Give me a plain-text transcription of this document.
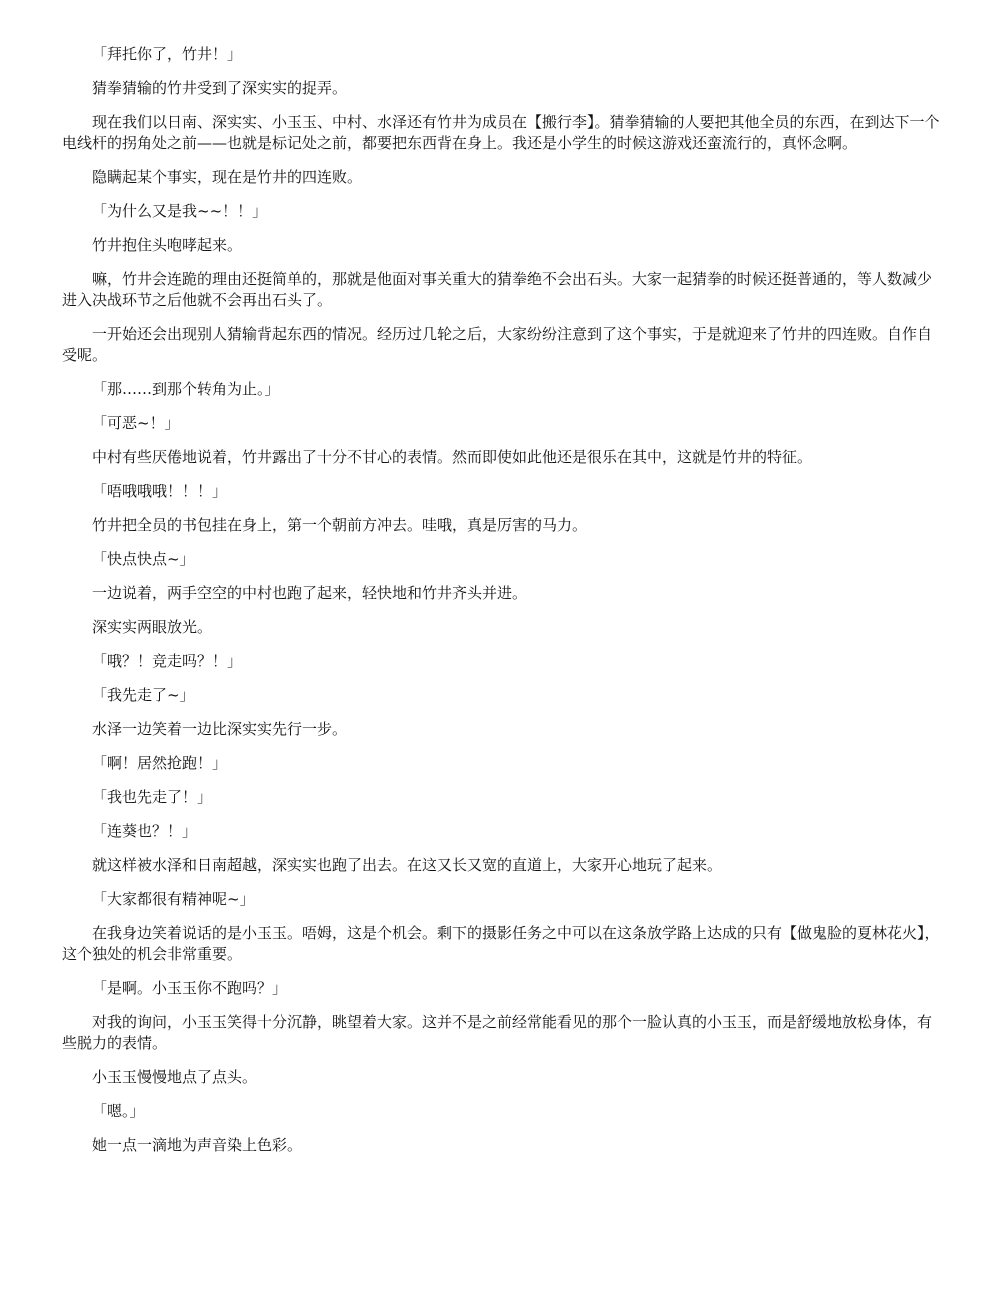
「拜托你了，竹井！」

猜拳猜输的竹井受到了深实实的捉弄。

现在我们以日南、深实实、小玉玉、中村、水泽还有竹井为成员在【搬行李】。猜拳猜输的人要把其他全员的东西，在到达下一个电线杆的拐角处之前——也就是标记处之前，都要把东西背在身上。我还是小学生的时候这游戏还蛮流行的，真怀念啊。

隐瞒起某个事实，现在是竹井的四连败。

「为什么又是我~~！！」

竹井抱住头咆哮起来。

嘛，竹井会连跪的理由还挺简单的，那就是他面对事关重大的猜拳绝不会出石头。大家一起猜拳的时候还挺普通的，等人数减少进入决战环节之后他就不会再出石头了。

一开始还会出现别人猜输背起东西的情况。经历过几轮之后，大家纷纷注意到了这个事实，于是就迎来了竹井的四连败。自作自受呢。

「那……到那个转角为止。」

「可恶~！」

中村有些厌倦地说着，竹井露出了十分不甘心的表情。然而即使如此他还是很乐在其中，这就是竹井的特征。

「唔哦哦哦！！！」

竹井把全员的书包挂在身上，第一个朝前方冲去。哇哦，真是厉害的马力。

「快点快点~」

一边说着，两手空空的中村也跑了起来，轻快地和竹井齐头并进。

深实实两眼放光。

「哦？！竞走吗？！」

「我先走了~」

水泽一边笑着一边比深实实先行一步。

「啊！居然抢跑！」

「我也先走了！」

「连葵也？！」

就这样被水泽和日南超越，深实实也跑了出去。在这又长又宽的直道上，大家开心地玩了起来。

「大家都很有精神呢~」

在我身边笑着说话的是小玉玉。唔姆，这是个机会。剩下的摄影任务之中可以在这条放学路上达成的只有【做鬼脸的夏林花火】，这个独处的机会非常重要。

「是啊。小玉玉你不跑吗？」

对我的询问，小玉玉笑得十分沉静，眺望着大家。这并不是之前经常能看见的那个一脸认真的小玉玉，而是舒缓地放松身体，有些脱力的表情。

小玉玉慢慢地点了点头。

「嗯。」

她一点一滴地为声音染上色彩。
